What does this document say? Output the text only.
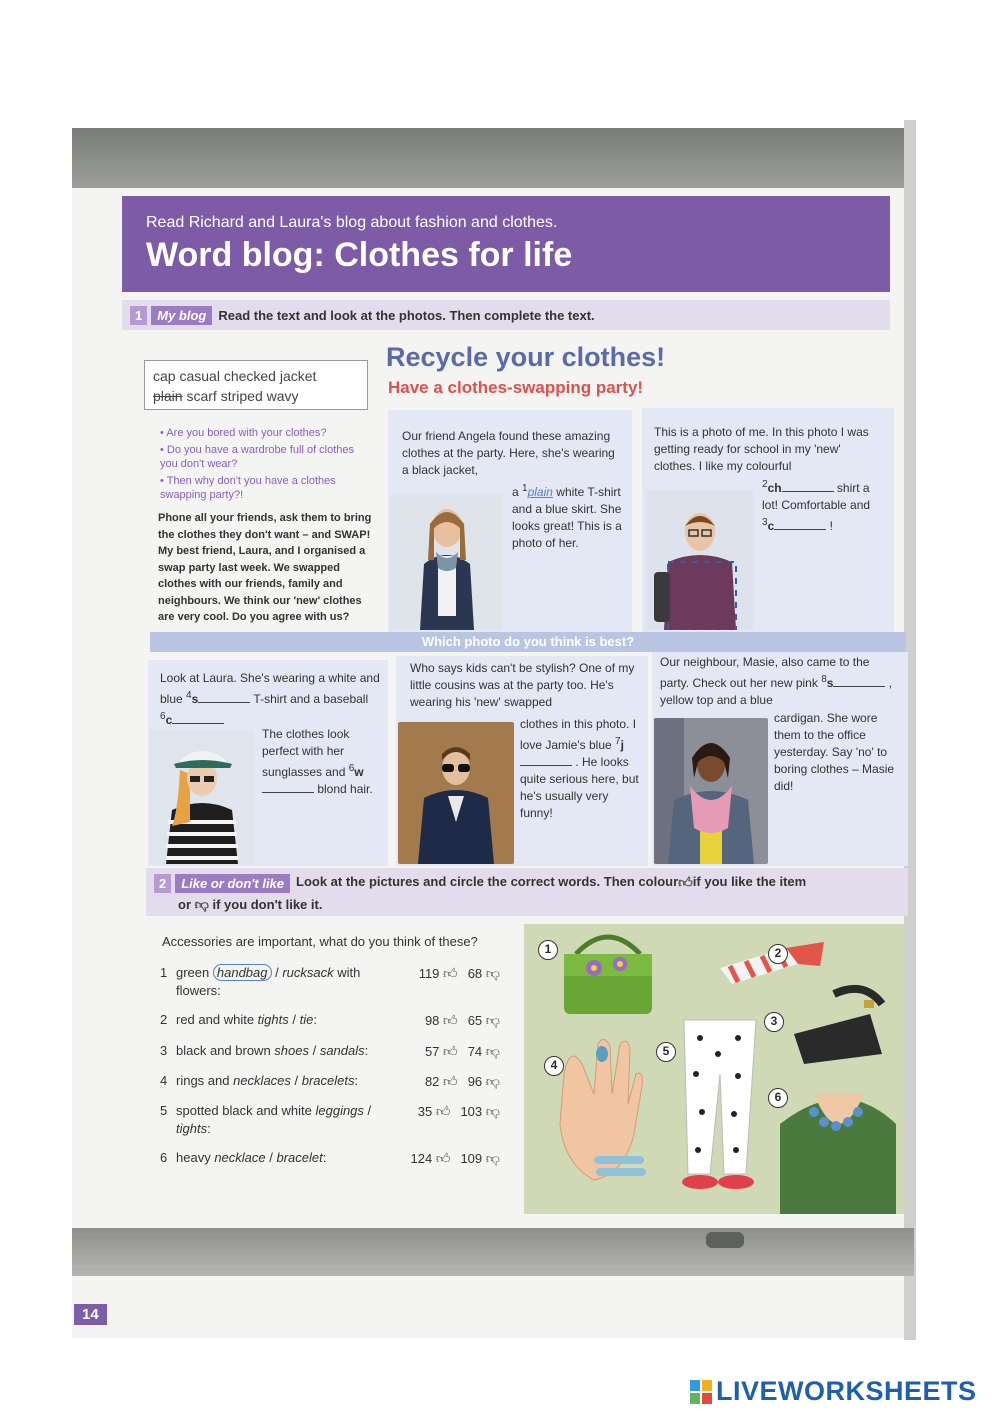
Read Richard and Laura's blog about fashion and clothes.
Word blog: Clothes for life
1	My blog Read the text and look at the photos. Then complete the text.
cap casual checked jacket
plain scarf striped wavy
Recycle your clothes!
Have a clothes-swapping party!
• Are you bored with your clothes?
• Do you have a wardrobe full of clothes you don't wear?
• Then why don't you have a clothes swapping party?!
Phone all your friends, ask them to bring the clothes they don't want – and SWAP! My best friend, Laura, and I organised a swap party last week. We swapped clothes with our friends, family and neighbours. We think our 'new' clothes are very cool. Do you agree with us?
Our friend Angela found these amazing clothes at the party. Here, she's wearing a black jacket,
a $^1$plain white T-shirt and a blue skirt. She looks great! This is a photo of her.
This is a photo of me. In this photo I was getting ready for school in my 'new' clothes. I like my colourful
$^2$ch	shirt a lot! Comfortable and $^3$c	!
Which photo do you think is best?
Look at Laura. She's wearing a white and blue $^4$s	T-shirt and a baseball $^6$c
The clothes look perfect with her sunglasses and $^6$w blond hair.
Who says kids can't be stylish? One of my little cousins was at the party too. He's wearing his 'new' swapped
clothes in this photo. I love Jamie's blue $^7$j . He looks quite serious here, but he's usually very funny!
Our neighbour, Masie, also came to the party. Check out her new pink $^8$s	, yellow top and a blue
cardigan. She wore them to the office yesterday. Say 'no' to boring clothes – Masie did!
2	Like or don't like Look at the pictures and circle the correct words. Then colour 👍︎ if you like the item
or 👎︎ if you don't like it.
Accessories are important, what do you think of these?
1 green handbag / rucksack with flowers:
119 👍︎ 68 👎︎
2 red and white tights / tie:	98 👍︎ 65 👎︎
3 black and brown shoes / sandals:	57 👍︎ 74 👎︎
4 rings and necklaces / bracelets:	82 👍︎ 96 👎︎
5 spotted black and white leggings / tights:
35 👍︎ 103 👎︎
6 heavy necklace / bracelet:	124 👍︎ 109 👎︎
1	2
3
4
5
6
14
LIVEWORKSHEETS
